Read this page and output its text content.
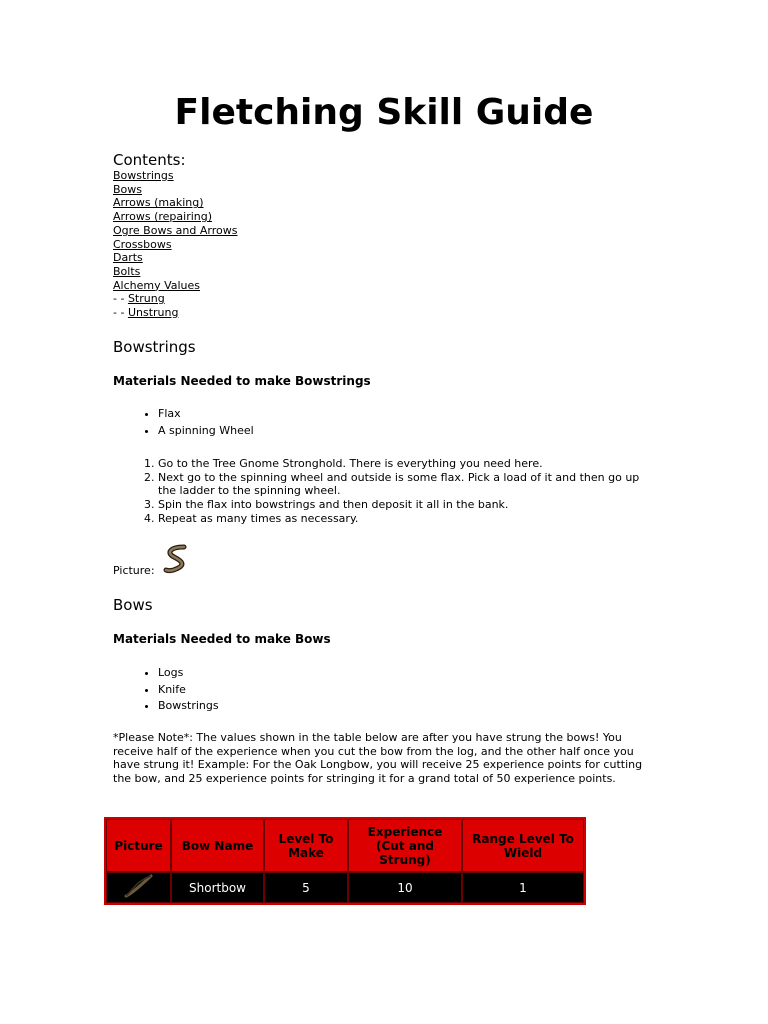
Fletching Skill Guide
Contents:
Bowstrings
Bows
Arrows (making)
Arrows (repairing)
Ogre Bows and Arrows
Crossbows
Darts
Bolts
Alchemy Values
- - Strung
- - Unstrung
Bowstrings
Materials Needed to make Bowstrings
• Flax
• A spinning Wheel
1. Go to the Tree Gnome Stronghold. There is everything you need here.
2. Next go to the spinning wheel and outside is some flax. Pick a load of it and then go up the ladder to the spinning wheel.
3. Spin the flax into bowstrings and then deposit it all in the bank.
4. Repeat as many times as necessary.
Picture:
Bows
Materials Needed to make Bows
• Logs
• Knife
• Bowstrings

*Please Note*: The values shown in the table below are after you have strung the bows! You receive half of the experience when you cut the bow from the log, and the other half once you have strung it! Example: For the Oak Longbow, you will receive 25 experience points for cutting the bow, and 25 experience points for stringing it for a grand total of 50 experience points.

Picture	Bow Name	Level To Make	Experience (Cut and Strung)	Range Level To Wield
	Shortbow	5	10	1
